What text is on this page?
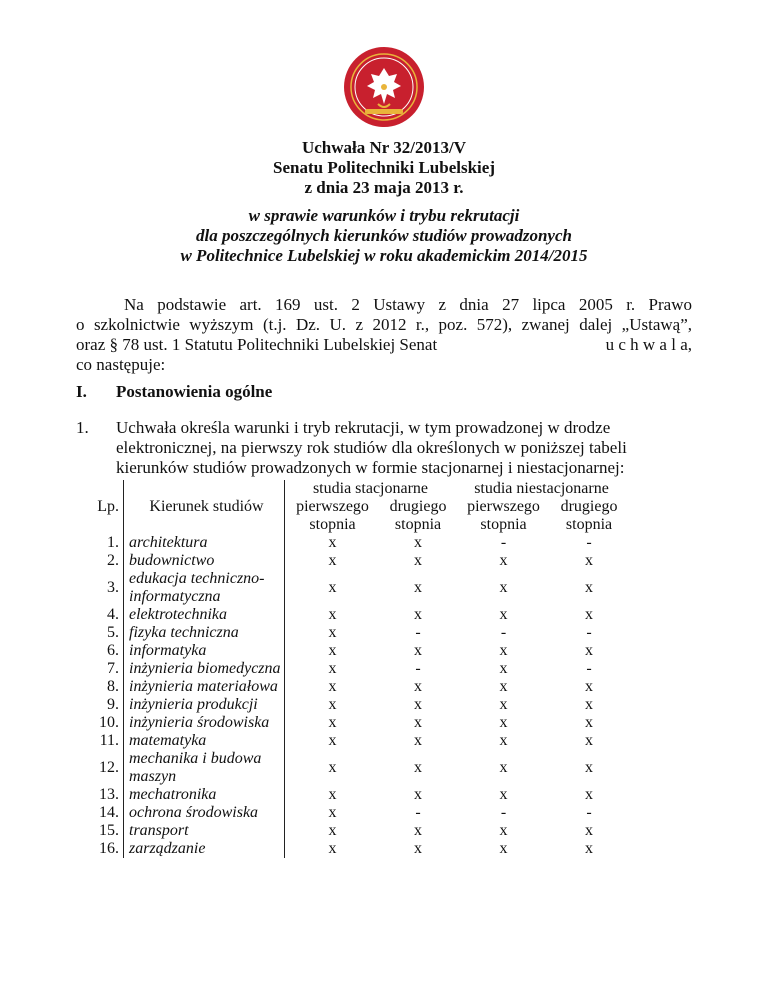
Uchwała Nr 32/2013/V
Senatu Politechniki Lubelskiej
z dnia 23 maja 2013 r.
w sprawie warunków i trybu rekrutacji
dla poszczególnych kierunków studiów prowadzonych
w Politechnice Lubelskiej w roku akademickim 2014/2015
Na podstawie art. 169 ust. 2 Ustawy z dnia 27 lipca 2005 r. Prawo
o szkolnictwie wyższym (t.j. Dz. U. z 2012 r., poz. 572), zwanej dalej „Ustawą”,
oraz § 78 ust. 1 Statutu Politechniki Lubelskiej Senat	u c h w a l a,
co następuje:
I. Postanowienia ogólne
1. Uchwała określa warunki i tryb rekrutacji, w tym prowadzonej w drodze
elektronicznej, na pierwszy rok studiów dla określonych w poniższej tabeli
kierunków studiów prowadzonych w formie stacjonarnej i niestacjonarnej:
Lp.	Kierunek studiów	studia stacjonarne		studia niestacjonarne	
		pierwszego	drugiego	pierwszego	drugiego
		stopnia	stopnia	stopnia	stopnia
1.	architektura	x	x	-	-
2.	budownictwo	x	x	x	x
3.	edukacja techniczno-
informatyczna	x	x	x	x
4.	elektrotechnika	x	x	x	x
5.	fizyka techniczna	x	-	-	-
6.	informatyka	x	x	x	x
7.	inżynieria biomedyczna	x	-	x	-
8.	inżynieria materiałowa	x	x	x	x
9.	inżynieria produkcji	x	x	x	x
10.	inżynieria środowiska	x	x	x	x
11.	matematyka	x	x	x	x
12.	mechanika i budowa
maszyn	x	x	x	x
13.	mechatronika	x	x	x	x
14.	ochrona środowiska	x	-	-	-
15.	transport	x	x	x	x
16.	zarządzanie	x	x	x	x
